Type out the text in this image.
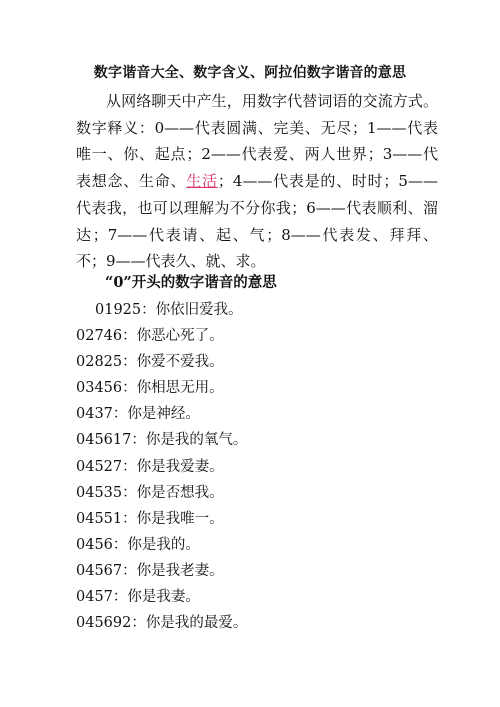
数字谐音大全、数字含义、阿拉伯数字谐音的意思

从网络聊天中产生，用数字代替词语的交流方式。数字释义：0——代表圆满、完美、无尽；1——代表唯一、你、起点；2——代表爱、两人世界；3——代表想念、生命、生活；4——代表是的、时时；5——代表我，也可以理解为不分你我；6——代表顺利、溜达；7——代表请、起、气；8——代表发、拜拜、不；9——代表久、就、求。

“0”开头的数字谐音的意思
01925：你依旧爱我。
02746：你恶心死了。
02825：你爱不爱我。
03456：你相思无用。
0437：你是神经。
045617：你是我的氧气。
04527：你是我爱妻。
04535：你是否想我。
04551：你是我唯一。
0456：你是我的。
04567：你是我老妻。
0457：你是我妻。
045692：你是我的最爱。
